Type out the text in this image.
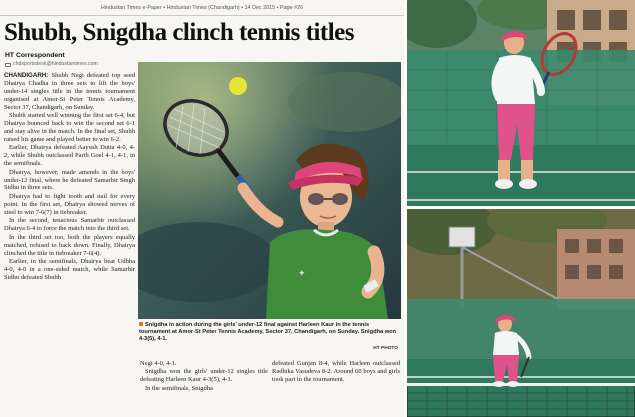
Hindustan Times e-Paper • Hindustan Times (Chandigarh) • 14 Dec 2015 • Page #26
Shubh, Snigdha clinch tennis titles
HT Correspondent
chdsportsdesk@hindustantimes.com

CHANDIGARH: Shubh Negi defeated top seed Dhairya Chadha in three sets to lift the boys' under-14 singles title in the tennis tournament organised at Amor-St Peter Tennis Academy, Sector 37, Chandigarh, on Sunday.

Shubh started well winning the first set 6-4, but Dhairya bounced back to win the second set 6-1 and stay alive in the match. In the final set, Shubh raised his game and played better to win 6-2.

Earlier, Dhairya defeated Aayush Dutta 4-0, 4-2, while Shubh outclassed Parth Goel 4-1, 4-1, in the semifinals.

Dhairya, however, made amends in the boys' under-12 final, where he defeated Samarbir Singh Sidhu in three sets.

Dhairya had to fight tooth and nail for every point. In the first set, Dhairya showed nerves of steel to win 7-6(7) in tiebreaker.

In the second, tenacious Samarbir outclassed Dhairya 6-4 to force the match into the third set.

In the third set too, both the players equally matched, refused to back down. Finally, Dhairya clinched the title in tiebreaker 7-6(4).

Earlier, in the semifinals, Dhairya beat Udbha 4-0, 4-0 in a one-sided match, while Samarbir Sidhu defeated Shubh	✦
Snigdha in action during the girls' under-12 final against Harleen Kaur in the tennis tournament at Amor-St Peter Tennis Academy, Sector 37, Chandigarh, on Sunday. Snigdha won 4-3(5), 4-1.
HT PHOTO

Negi 4-0, 4-1.

Snigdha won the girls' under-12 singles title defeating Harleen Kaur 4-3(5), 4-1.

In the semifinals, Snigdha

defeated Gunjan 8-4, while Harleen outclassed Radhika Vasudeva 8-2. Around 60 boys and girls took part in the tournament.
